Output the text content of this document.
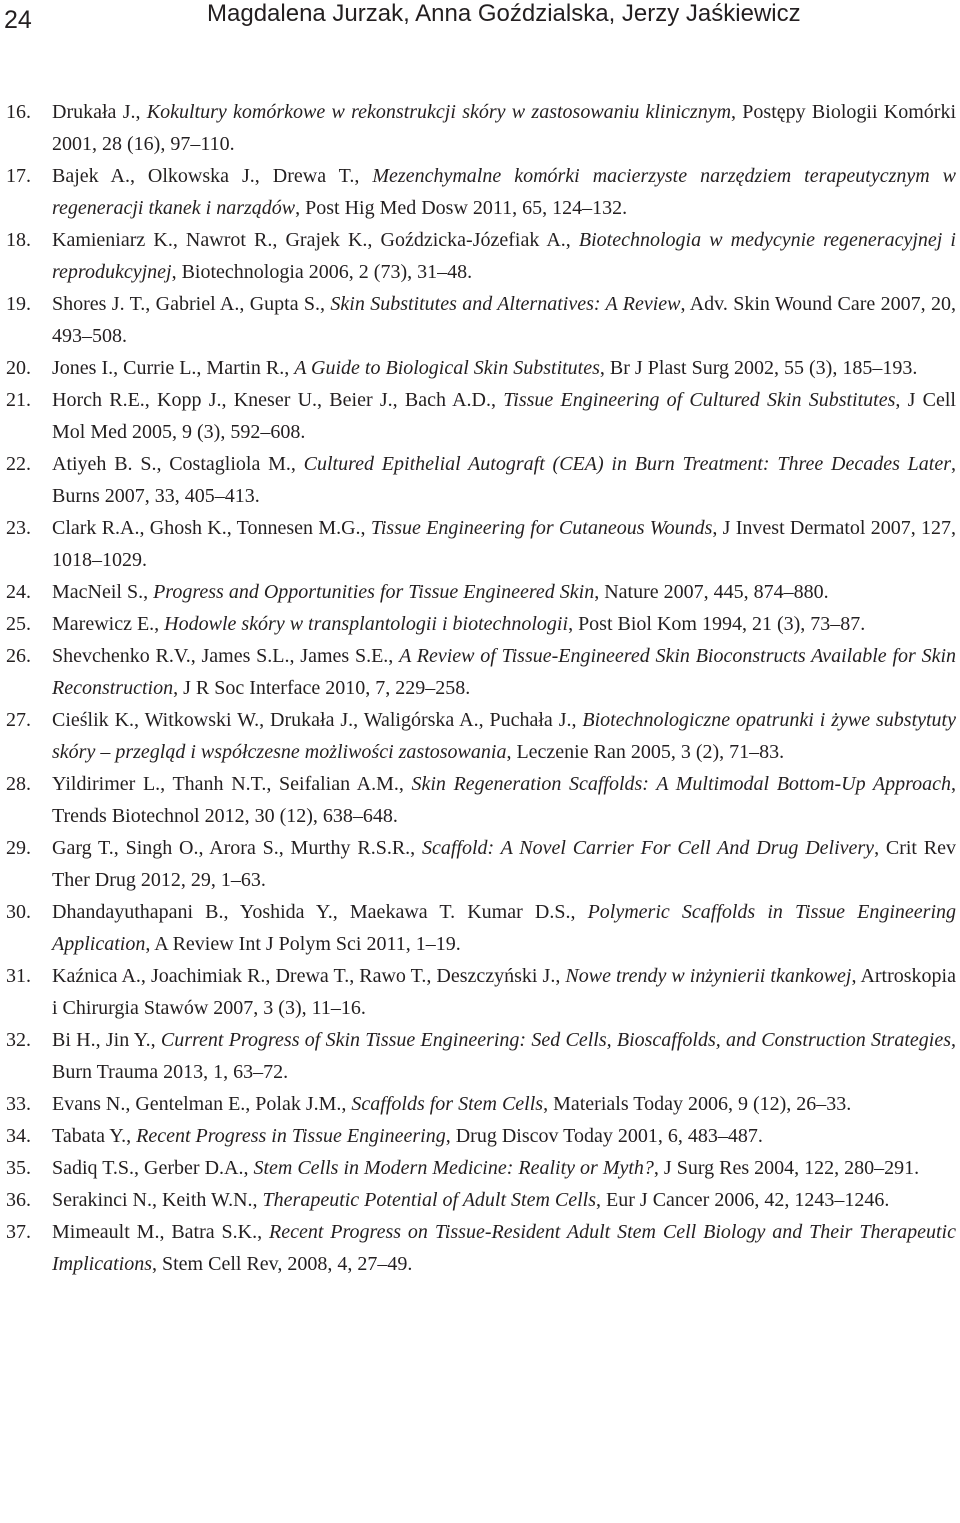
24	Magdalena Jurzak, Anna Goździalska, Jerzy Jaśkiewicz
16.	Drukała J., Kokultury komórkowe w rekonstrukcji skóry w zastosowaniu klinicznym, Postępy Biologii Komórki 2001, 28 (16), 97–110.
17.	Bajek A., Olkowska J., Drewa T., Mezenchymalne komórki macierzyste narzędziem terapeutycznym w regeneracji tkanek i narządów, Post Hig Med Dosw 2011, 65, 124–132.
18.	Kamieniarz K., Nawrot R., Grajek K., Goździcka-Józefiak A., Biotechnologia w medycynie regeneracyjnej i reprodukcyjnej, Biotechnologia 2006, 2 (73), 31–48.
19.	Shores J. T., Gabriel A., Gupta S., Skin Substitutes and Alternatives: A Review, Adv. Skin Wound Care 2007, 20, 493–508.
20.	Jones I., Currie L., Martin R., A Guide to Biological Skin Substitutes, Br J Plast Surg 2002, 55 (3), 185–193.
21.	Horch R.E., Kopp J., Kneser U., Beier J., Bach A.D., Tissue Engineering of Cultured Skin Substitutes, J Cell Mol Med 2005, 9 (3), 592–608.
22.	Atiyeh B. S., Costagliola M., Cultured Epithelial Autograft (CEA) in Burn Treatment: Three Decades Later, Burns 2007, 33, 405–413.
23.	Clark R.A., Ghosh K., Tonnesen M.G., Tissue Engineering for Cutaneous Wounds, J Invest Dermatol 2007, 127, 1018–1029.
24.	MacNeil S., Progress and Opportunities for Tissue Engineered Skin, Nature 2007, 445, 874–880.
25.	Marewicz E., Hodowle skóry w transplantologii i biotechnologii, Post Biol Kom 1994, 21 (3), 73–87.
26.	Shevchenko R.V., James S.L., James S.E., A Review of Tissue-Engineered Skin Bioconstructs Available for Skin Reconstruction, J R Soc Interface 2010, 7, 229–258.
27.	Cieślik K., Witkowski W., Drukała J., Waligórska A., Puchała J., Biotechnologiczne opatrunki i żywe substytuty skóry – przegląd i współczesne możliwości zastosowania, Leczenie Ran 2005, 3 (2), 71–83.
28.	Yildirimer L., Thanh N.T., Seifalian A.M., Skin Regeneration Scaffolds: A Multimodal Bottom-Up Approach, Trends Biotechnol 2012, 30 (12), 638–648.
29.	Garg T., Singh O., Arora S., Murthy R.S.R., Scaffold: A Novel Carrier For Cell And Drug Delivery, Crit Rev Ther Drug 2012, 29, 1–63.
30.	Dhandayuthapani B., Yoshida Y., Maekawa T. Kumar D.S., Polymeric Scaffolds in Tissue Engineering Application, A Review Int J Polym Sci 2011, 1–19.
31.	Kaźnica A., Joachimiak R., Drewa T., Rawo T., Deszczyński J., Nowe trendy w inżynierii tkankowej, Artroskopia i Chirurgia Stawów 2007, 3 (3), 11–16.
32.	Bi H., Jin Y., Current Progress of Skin Tissue Engineering: Sed Cells, Bioscaffolds, and Construction Strategies, Burn Trauma 2013, 1, 63–72.
33.	Evans N., Gentelman E., Polak J.M., Scaffolds for Stem Cells, Materials Today 2006, 9 (12), 26–33.
34.	Tabata Y., Recent Progress in Tissue Engineering, Drug Discov Today 2001, 6, 483–487.
35.	Sadiq T.S., Gerber D.A., Stem Cells in Modern Medicine: Reality or Myth?, J Surg Res 2004, 122, 280–291.
36.	Serakinci N., Keith W.N., Therapeutic Potential of Adult Stem Cells, Eur J Cancer 2006, 42, 1243–1246.
37.	Mimeault M., Batra S.K., Recent Progress on Tissue-Resident Adult Stem Cell Biology and Their Therapeutic Implications, Stem Cell Rev, 2008, 4, 27–49.
